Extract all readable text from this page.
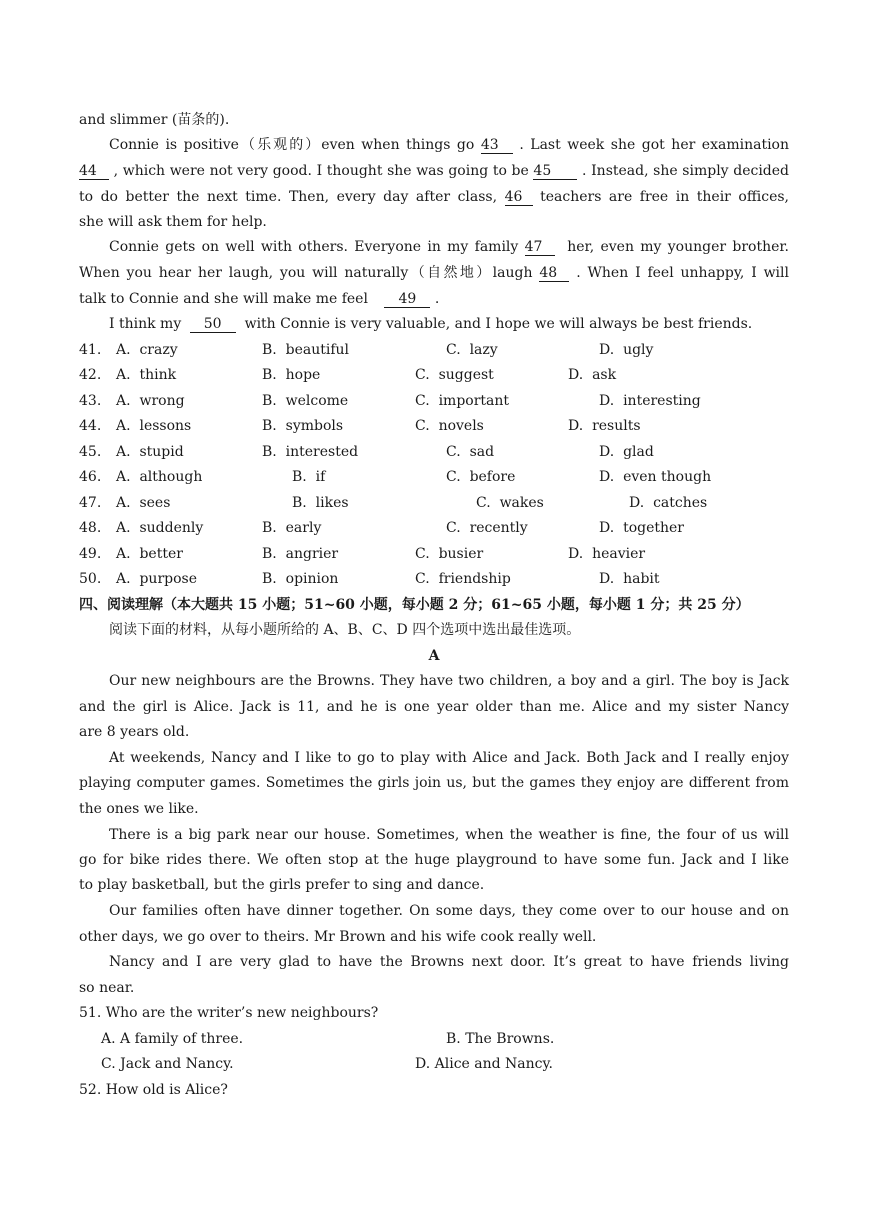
and slimmer (苗条的).
Connie is positive（乐观的）even when things go 43 . Last week she got her examination
44 , which were not very good. I thought she was going to be 45 . Instead, she simply decided
to do better the next time. Then, every day after class, 46 teachers are free in their offices,
she will ask them for help.
Connie gets on well with others. Everyone in my family 47  her, even my younger brother.
When you hear her laugh, you will naturally（自然地）laugh 48 . When I feel unhappy, I will
talk to Connie and she will make me feel 49 .
I think my 50  with Connie is very valuable, and I hope we will always be best friends.
41. A.  crazy	B.  beautiful	C.  lazy	D.  ugly
42. A.  think	B.  hope	C.  suggest	D.  ask
43. A.  wrong	B.  welcome	C.  important	D.  interesting
44. A.  lessons	B.  symbols	C.  novels	D.  results
45. A.  stupid	B.  interested	C.  sad	D.  glad
46. A.  although	B.  if	C.  before	D.  even though
47. A.  sees	B.  likes	C.  wakes	D.  catches
48. A.  suddenly	B.  early	C.  recently	D.  together
49. A.  better	B.  angrier	C.  busier	D.  heavier
50. A.  purpose	B.  opinion	C.  friendship	D.  habit
四、阅读理解（本大题共 15 小题；51~60 小题，每小题 2 分；61~65 小题，每小题 1 分；共 25 分）
阅读下面的材料，从每小题所给的 A、B、C、D 四个选项中选出最佳选项。
A
Our new neighbours are the Browns. They have two children, a boy and a girl. The boy is Jack
and the girl is Alice. Jack is 11, and he is one year older than me. Alice and my sister Nancy
are 8 years old.
At weekends, Nancy and I like to go to play with Alice and Jack. Both Jack and I really enjoy
playing computer games. Sometimes the girls join us, but the games they enjoy are different from
the ones we like.
There is a big park near our house. Sometimes, when the weather is fine, the four of us will
go for bike rides there. We often stop at the huge playground to have some fun. Jack and I like
to play basketball, but the girls prefer to sing and dance.
Our families often have dinner together. On some days, they come over to our house and on
other days, we go over to theirs. Mr Brown and his wife cook really well.
Nancy and I are very glad to have the Browns next door. It’s great to have friends living
so near.
51. Who are the writer’s new neighbours?
A. A family of three.	B. The Browns.
C. Jack and Nancy.	D. Alice and Nancy.
52. How old is Alice?
